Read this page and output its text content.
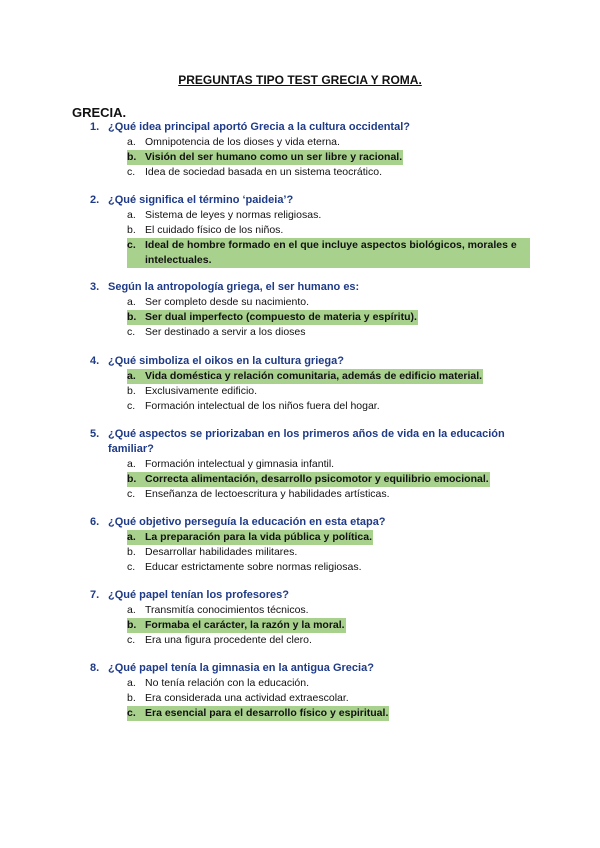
PREGUNTAS TIPO TEST GRECIA Y ROMA.
GRECIA.
1. ¿Qué idea principal aportó Grecia a la cultura occidental?
a. Omnipotencia de los dioses y vida eterna.
b. Visión del ser humano como un ser libre y racional.
c. Idea de sociedad basada en un sistema teocrático.
2. ¿Qué significa el término ‘paideia’?
a. Sistema de leyes y normas religiosas.
b. El cuidado físico de los niños.
c. Ideal de hombre formado en el que incluye aspectos biológicos, morales e intelectuales.
3. Según la antropología griega, el ser humano es:
a. Ser completo desde su nacimiento.
b. Ser dual imperfecto (compuesto de materia y espíritu).
c. Ser destinado a servir a los dioses
4. ¿Qué simboliza el oikos en la cultura griega?
a. Vida doméstica y relación comunitaria, además de edificio material.
b. Exclusivamente edificio.
c. Formación intelectual de los niños fuera del hogar.
5. ¿Qué aspectos se priorizaban en los primeros años de vida en la educación familiar?
a. Formación intelectual y gimnasia infantil.
b. Correcta alimentación, desarrollo psicomotor y equilibrio emocional.
c. Enseñanza de lectoescritura y habilidades artísticas.
6. ¿Qué objetivo perseguía la educación en esta etapa?
a. La preparación para la vida pública y política.
b. Desarrollar habilidades militares.
c. Educar estrictamente sobre normas religiosas.
7. ¿Qué papel tenían los profesores?
a. Transmitía conocimientos técnicos.
b. Formaba el carácter, la razón y la moral.
c. Era una figura procedente del clero.
8. ¿Qué papel tenía la gimnasia en la antigua Grecia?
a. No tenía relación con la educación.
b. Era considerada una actividad extraescolar.
c. Era esencial para el desarrollo físico y espiritual.
